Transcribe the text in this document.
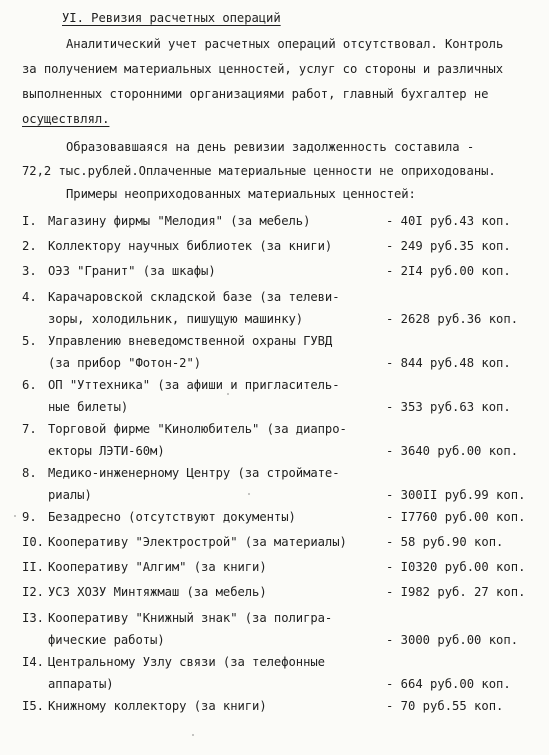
УI. Ревизия расчетных операций
Аналитический учет расчетных операций отсутствовал. Контроль
за получением материальных ценностей, услуг со стороны и различных
выполненных сторонними организациями работ, главный бухгалтер не
осуществлял.
Образовавшаяся на день ревизии задолженность составила -
72,2 тыс.рублей.Оплаченные материальные ценности не оприходованы.
Примеры неоприходованных материальных ценностей:
I. Магазину фирмы "Мелодия" (за мебель)	- 40I руб.43 коп.
2. Коллектору научных библиотек (за книги)	- 249 руб.35 коп.
3. ОЭЗ "Гранит" (за шкафы)	- 2I4 руб.00 коп.
4. Карачаровской складской базе (за телеви-
зоры, холодильник, пишущую машинку)	- 2628 руб.36 коп.
5. Управлению вневедомственной охраны ГУВД
(за прибор "Фотон-2")	- 844 руб.48 коп.
6. ОП "Уттехника" (за афиши и пригласитель-
ные билеты)	- 353 руб.63 коп.
7. Торговой фирме "Кинолюбитель" (за диапро-
екторы ЛЭТИ-60м)	- 3640 руб.00 коп.
8. Медико-инженерному Центру (за строймате-
риалы)	- 300II руб.99 коп.
9. Безадресно (отсутствуют документы)	- I7760 руб.00 коп.
I0. Кооперативу "Электрострой" (за материалы)	- 58 руб.90 коп.
II. Кооперативу "Алгим" (за книги)	- I0320 руб.00 коп.
I2. УСЗ ХОЗУ Минтяжмаш (за мебель)	- I982 руб. 27 коп.
I3. Кооперативу "Книжный знак" (за полигра-
фические работы)	- 3000 руб.00 коп.
I4. Центральному Узлу связи (за телефонные
аппараты)	- 664 руб.00 коп.
I5. Книжному коллектору (за книги)	- 70 руб.55 коп.
